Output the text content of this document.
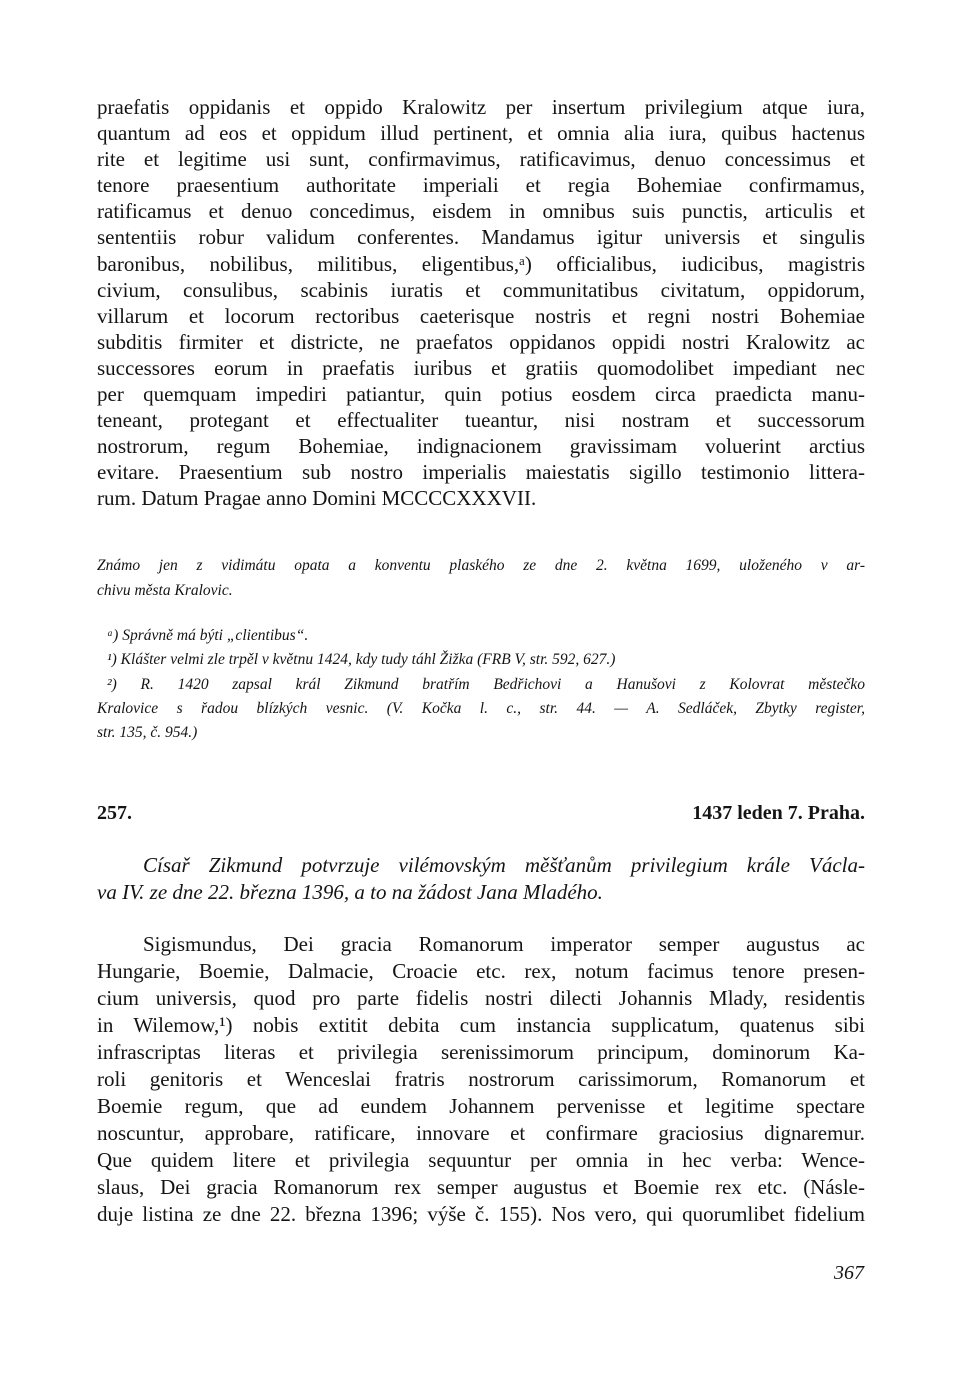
praefatis oppidanis et oppido Kralowitz per insertum privilegium atque iura,
quantum ad eos et oppidum illud pertinent, et omnia alia iura, quibus hactenus
rite et legitime usi sunt, confirmavimus, ratificavimus, denuo concessimus et
tenore praesentium authoritate imperiali et regia Bohemiae confirmamus,
ratificamus et denuo concedimus, eisdem in omnibus suis punctis, articulis et
sententiis robur validum conferentes. Mandamus igitur universis et singulis
baronibus, nobilibus, militibus, eligentibus,ᵃ) officialibus, iudicibus, magistris
civium, consulibus, scabinis iuratis et communitatibus civitatum, oppidorum,
villarum et locorum rectoribus caeterisque nostris et regni nostri Bohemiae
subditis firmiter et districte, ne praefatos oppidanos oppidi nostri Kralowitz ac
successores eorum in praefatis iuribus et gratiis quomodolibet impediant nec
per quemquam impediri patiantur, quin potius eosdem circa praedicta manu-
teneant, protegant et effectualiter tueantur, nisi nostram et successorum
nostrorum, regum Bohemiae, indignacionem gravissimam voluerint arctius
evitare. Praesentium sub nostro imperialis maiestatis sigillo testimonio littera-
rum. Datum Pragae anno Domini MCCCCXXXVII.
Známo jen z vidimátu opata a konventu plaského ze dne 2. května 1699, uloženého v ar-
chivu města Kralovic.
ᵃ) Správně má býti „clientibus“.
¹) Klášter velmi zle trpěl v květnu 1424, kdy tudy táhl Žižka (FRB V, str. 592, 627.)
²) R. 1420 zapsal král Zikmund bratřím Bedřichovi a Hanušovi z Kolovrat městečko
Kralovice s řadou blízkých vesnic. (V. Kočka l. c., str. 44. — A. Sedláček, Zbytky register,
str. 135, č. 954.)
257.	1437 leden 7. Praha.
Císař Zikmund potvrzuje vilémovským měšťanům privilegium krále Václa-
va IV. ze dne 22. března 1396, a to na žádost Jana Mladého.
Sigismundus, Dei gracia Romanorum imperator semper augustus ac
Hungarie, Boemie, Dalmacie, Croacie etc. rex, notum facimus tenore presen-
cium universis, quod pro parte fidelis nostri dilecti Johannis Mlady, residentis
in Wilemow,¹) nobis extitit debita cum instancia supplicatum, quatenus sibi
infrascriptas literas et privilegia serenissimorum principum, dominorum Ka-
roli genitoris et Wenceslai fratris nostrorum carissimorum, Romanorum et
Boemie regum, que ad eundem Johannem pervenisse et legitime spectare
noscuntur, approbare, ratificare, innovare et confirmare graciosius dignaremur.
Que quidem litere et privilegia sequuntur per omnia in hec verba: Wence-
slaus, Dei gracia Romanorum rex semper augustus et Boemie rex etc. (Násle-
duje listina ze dne 22. března 1396; výše č. 155). Nos vero, qui quorumlibet fidelium
367
